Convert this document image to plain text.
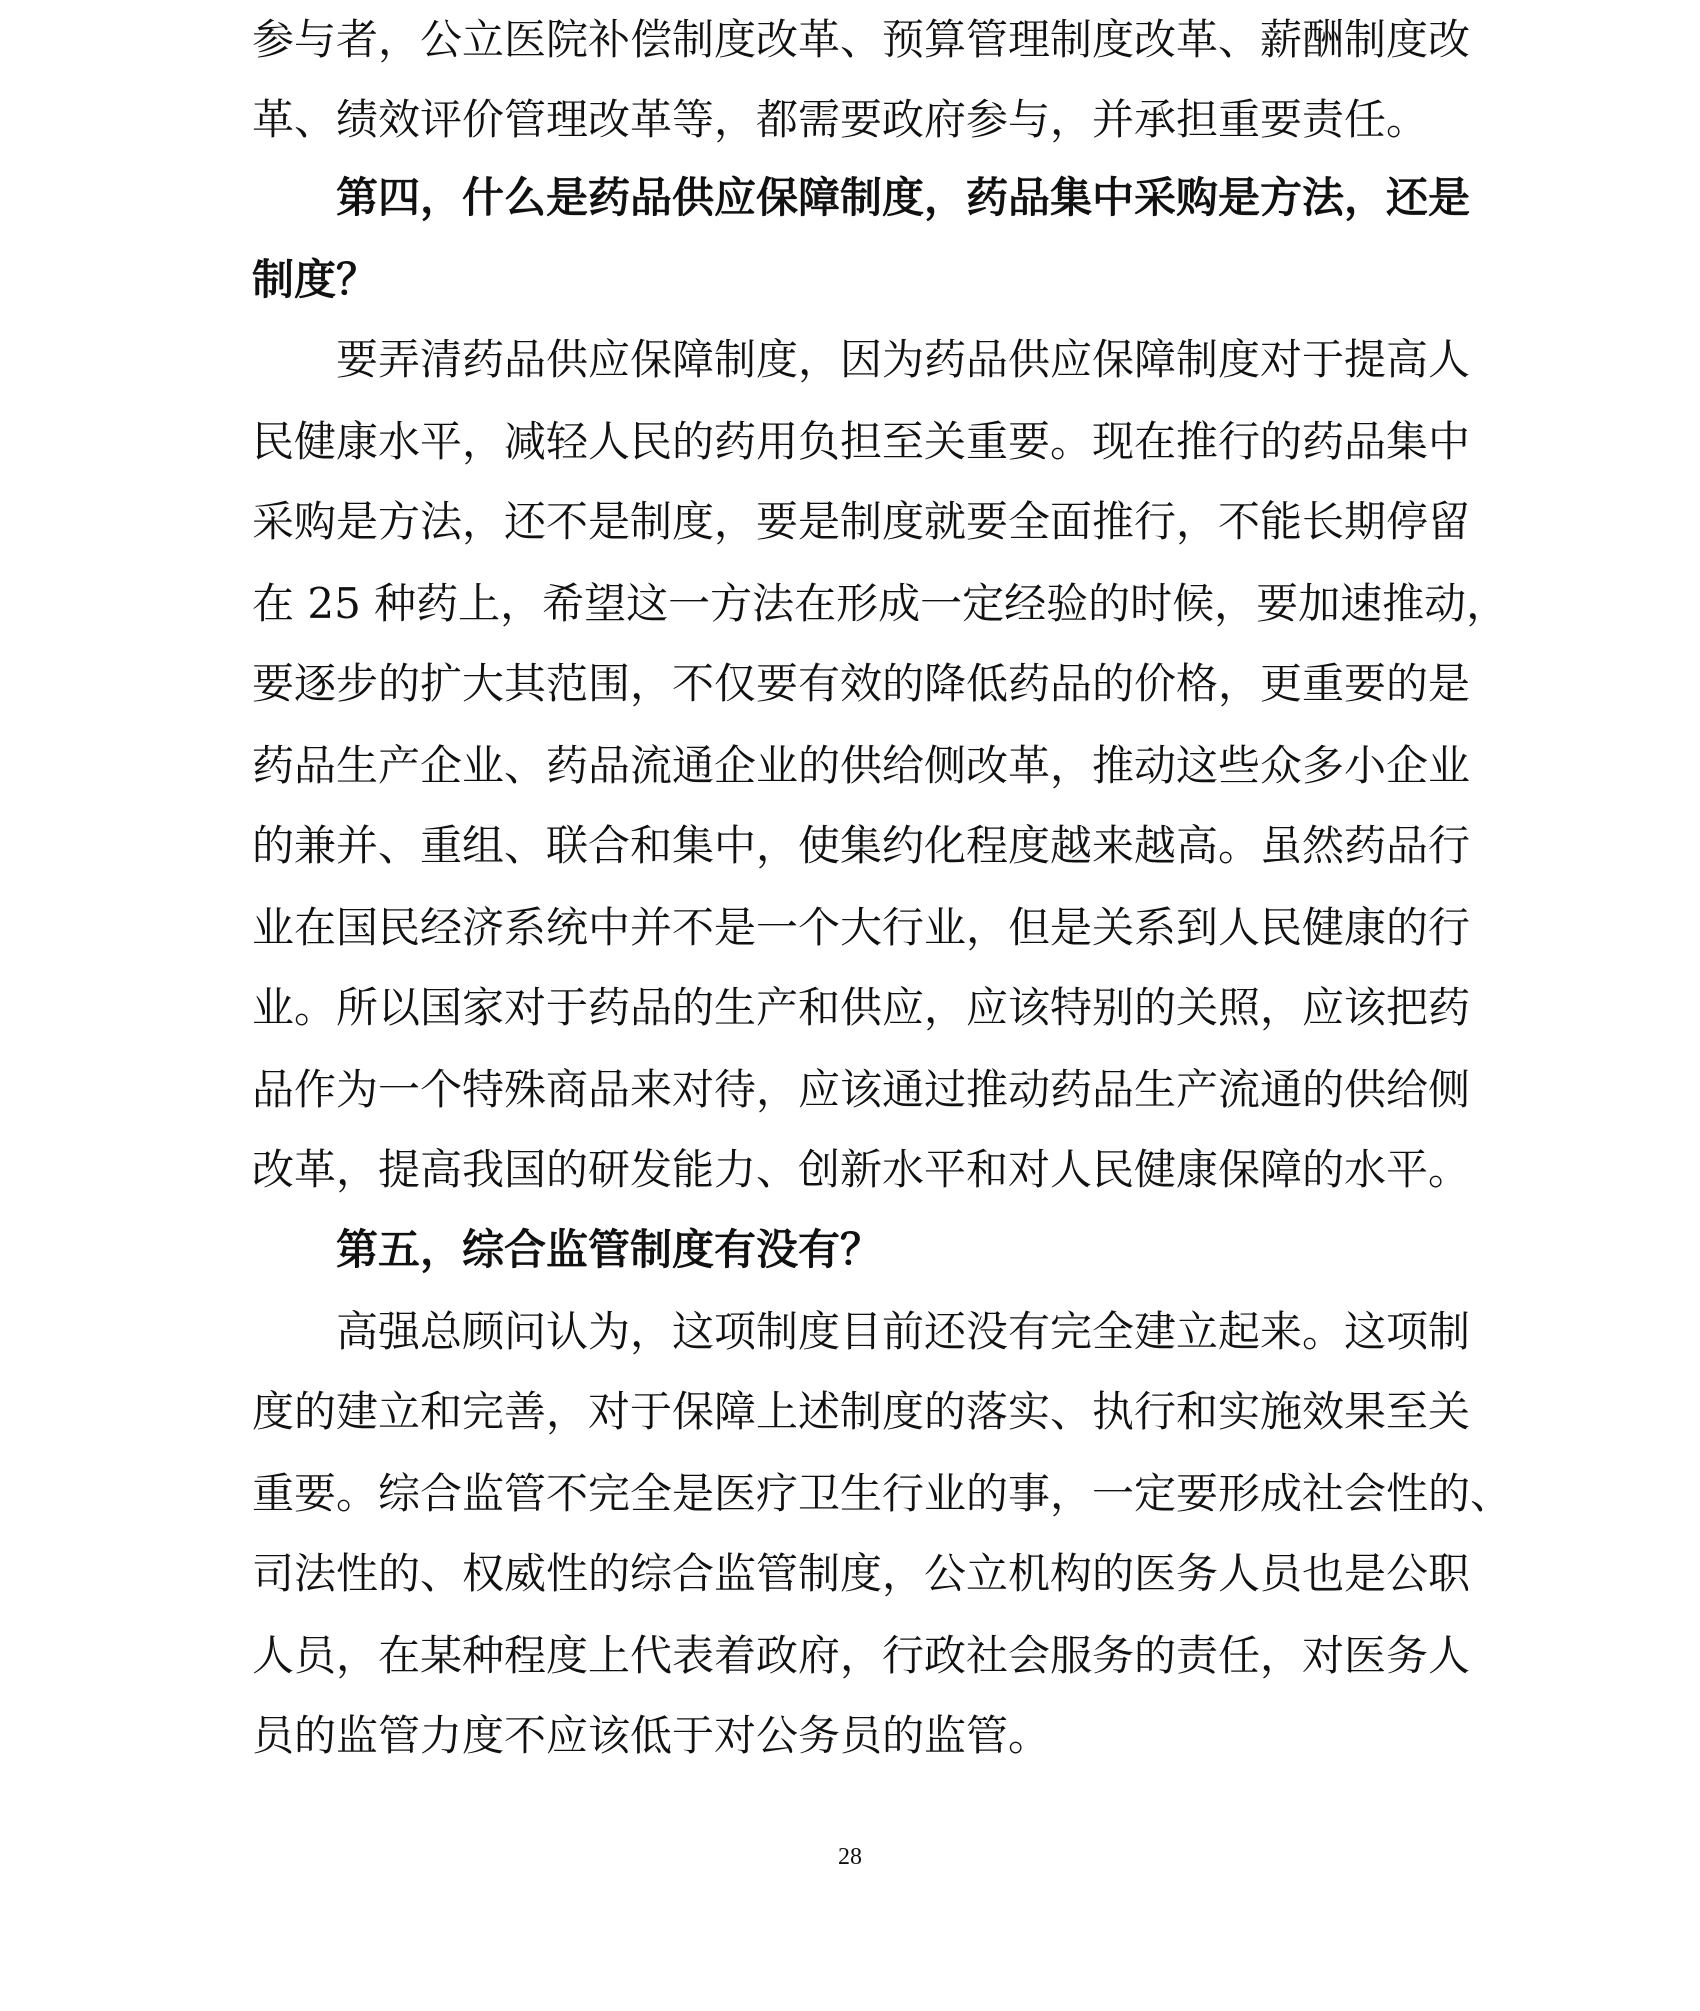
参与者，公立医院补偿制度改革、预算管理制度改革、薪酬制度改
革、绩效评价管理改革等，都需要政府参与，并承担重要责任。
第四，什么是药品供应保障制度，药品集中采购是方法，还是
制度？
要弄清药品供应保障制度，因为药品供应保障制度对于提高人
民健康水平，减轻人民的药用负担至关重要。现在推行的药品集中
采购是方法，还不是制度，要是制度就要全面推行，不能长期停留
在 25 种药上，希望这一方法在形成一定经验的时候，要加速推动，
要逐步的扩大其范围，不仅要有效的降低药品的价格，更重要的是
药品生产企业、药品流通企业的供给侧改革，推动这些众多小企业
的兼并、重组、联合和集中，使集约化程度越来越高。虽然药品行
业在国民经济系统中并不是一个大行业，但是关系到人民健康的行
业。所以国家对于药品的生产和供应，应该特别的关照，应该把药
品作为一个特殊商品来对待，应该通过推动药品生产流通的供给侧
改革，提高我国的研发能力、创新水平和对人民健康保障的水平。
第五，综合监管制度有没有？
高强总顾问认为，这项制度目前还没有完全建立起来。这项制
度的建立和完善，对于保障上述制度的落实、执行和实施效果至关
重要。综合监管不完全是医疗卫生行业的事，一定要形成社会性的、
司法性的、权威性的综合监管制度，公立机构的医务人员也是公职
人员，在某种程度上代表着政府，行政社会服务的责任，对医务人
员的监管力度不应该低于对公务员的监管。
28
